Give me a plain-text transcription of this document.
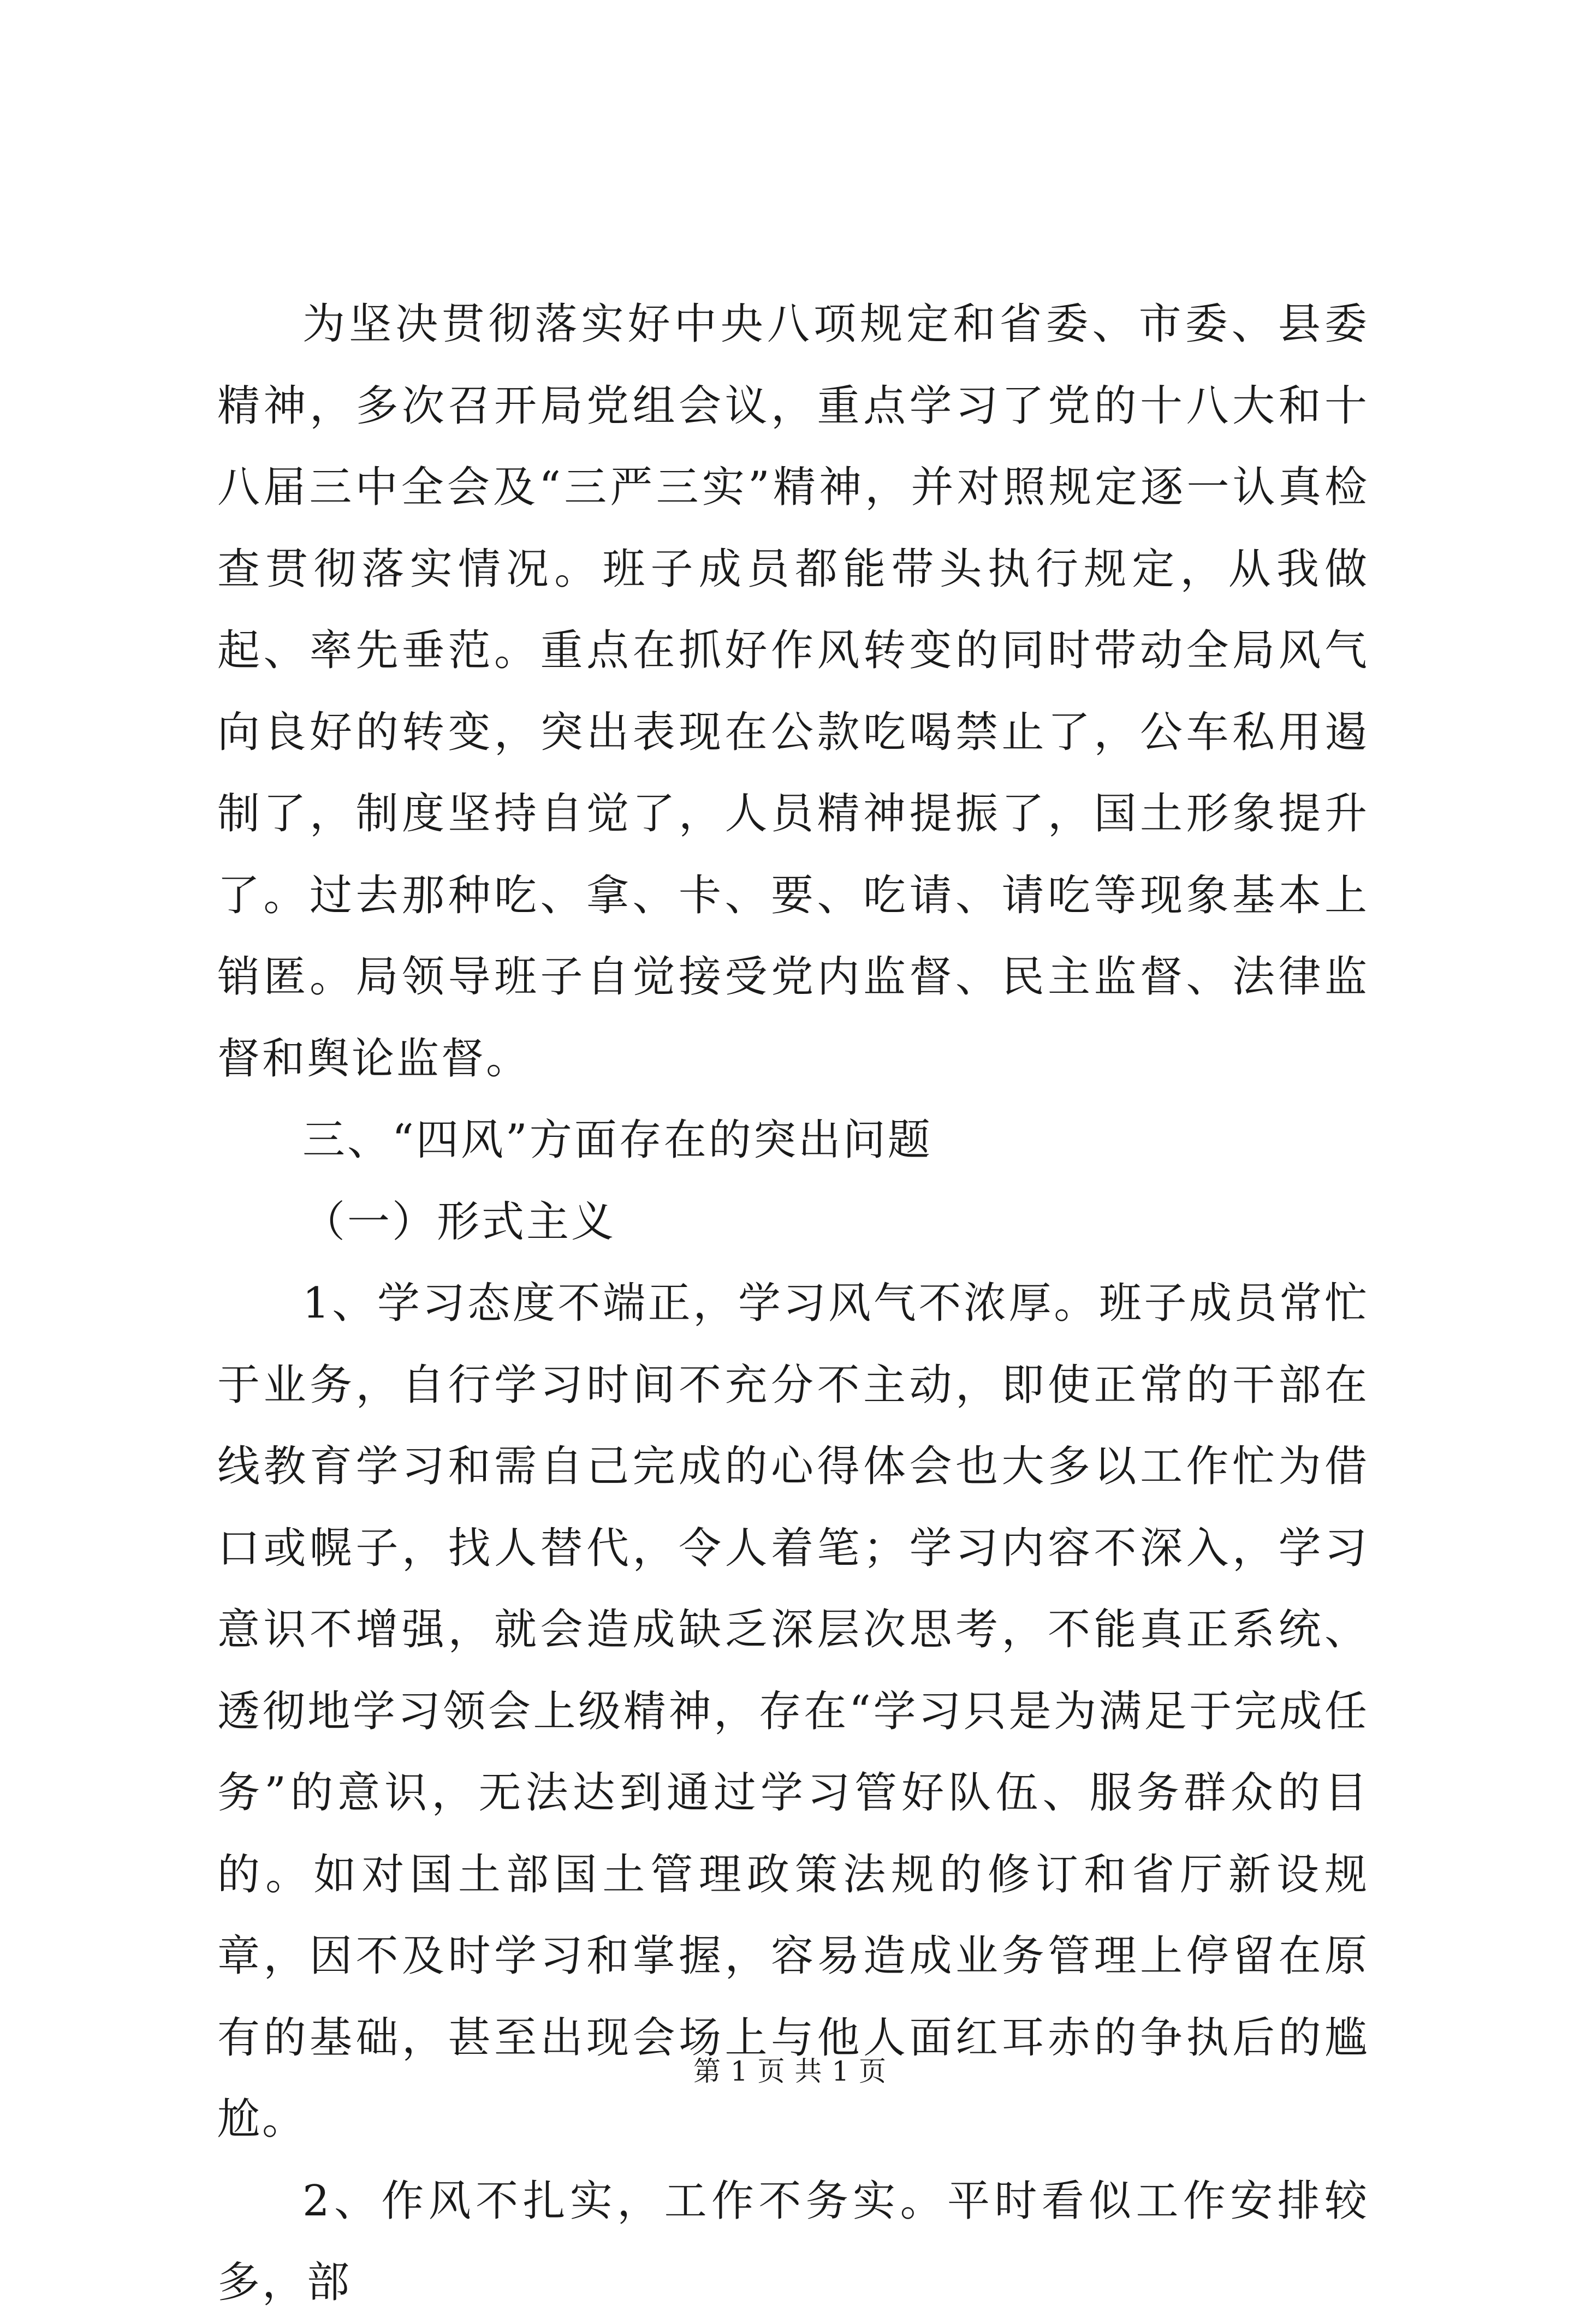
为坚决贯彻落实好中央八项规定和省委、市委、县委精神，多次召开局党组会议，重点学习了党的十八大和十八届三中全会及“三严三实”精神，并对照规定逐一认真检查贯彻落实情况。班子成员都能带头执行规定，从我做起、率先垂范。重点在抓好作风转变的同时带动全局风气向良好的转变，突出表现在公款吃喝禁止了，公车私用遏制了，制度坚持自觉了，人员精神提振了，国土形象提升了。过去那种吃、拿、卡、要、吃请、请吃等现象基本上销匿。局领导班子自觉接受党内监督、民主监督、法律监督和舆论监督。

三、“四风”方面存在的突出问题

（一）形式主义

1、学习态度不端正，学习风气不浓厚。班子成员常忙于业务，自行学习时间不充分不主动，即使正常的干部在线教育学习和需自己完成的心得体会也大多以工作忙为借口或幌子，找人替代，令人着笔；学习内容不深入，学习意识不增强，就会造成缺乏深层次思考，不能真正系统、透彻地学习领会上级精神，存在“学习只是为满足于完成任务”的意识，无法达到通过学习管好队伍、服务群众的目的。如对国土部国土管理政策法规的修订和省厅新设规章，因不及时学习和掌握，容易造成业务管理上停留在原有的基础，甚至出现会场上与他人面红耳赤的争执后的尴尬。

2、作风不扎实，工作不务实。平时看似工作安排较多，部

第 1 页 共 1 页
